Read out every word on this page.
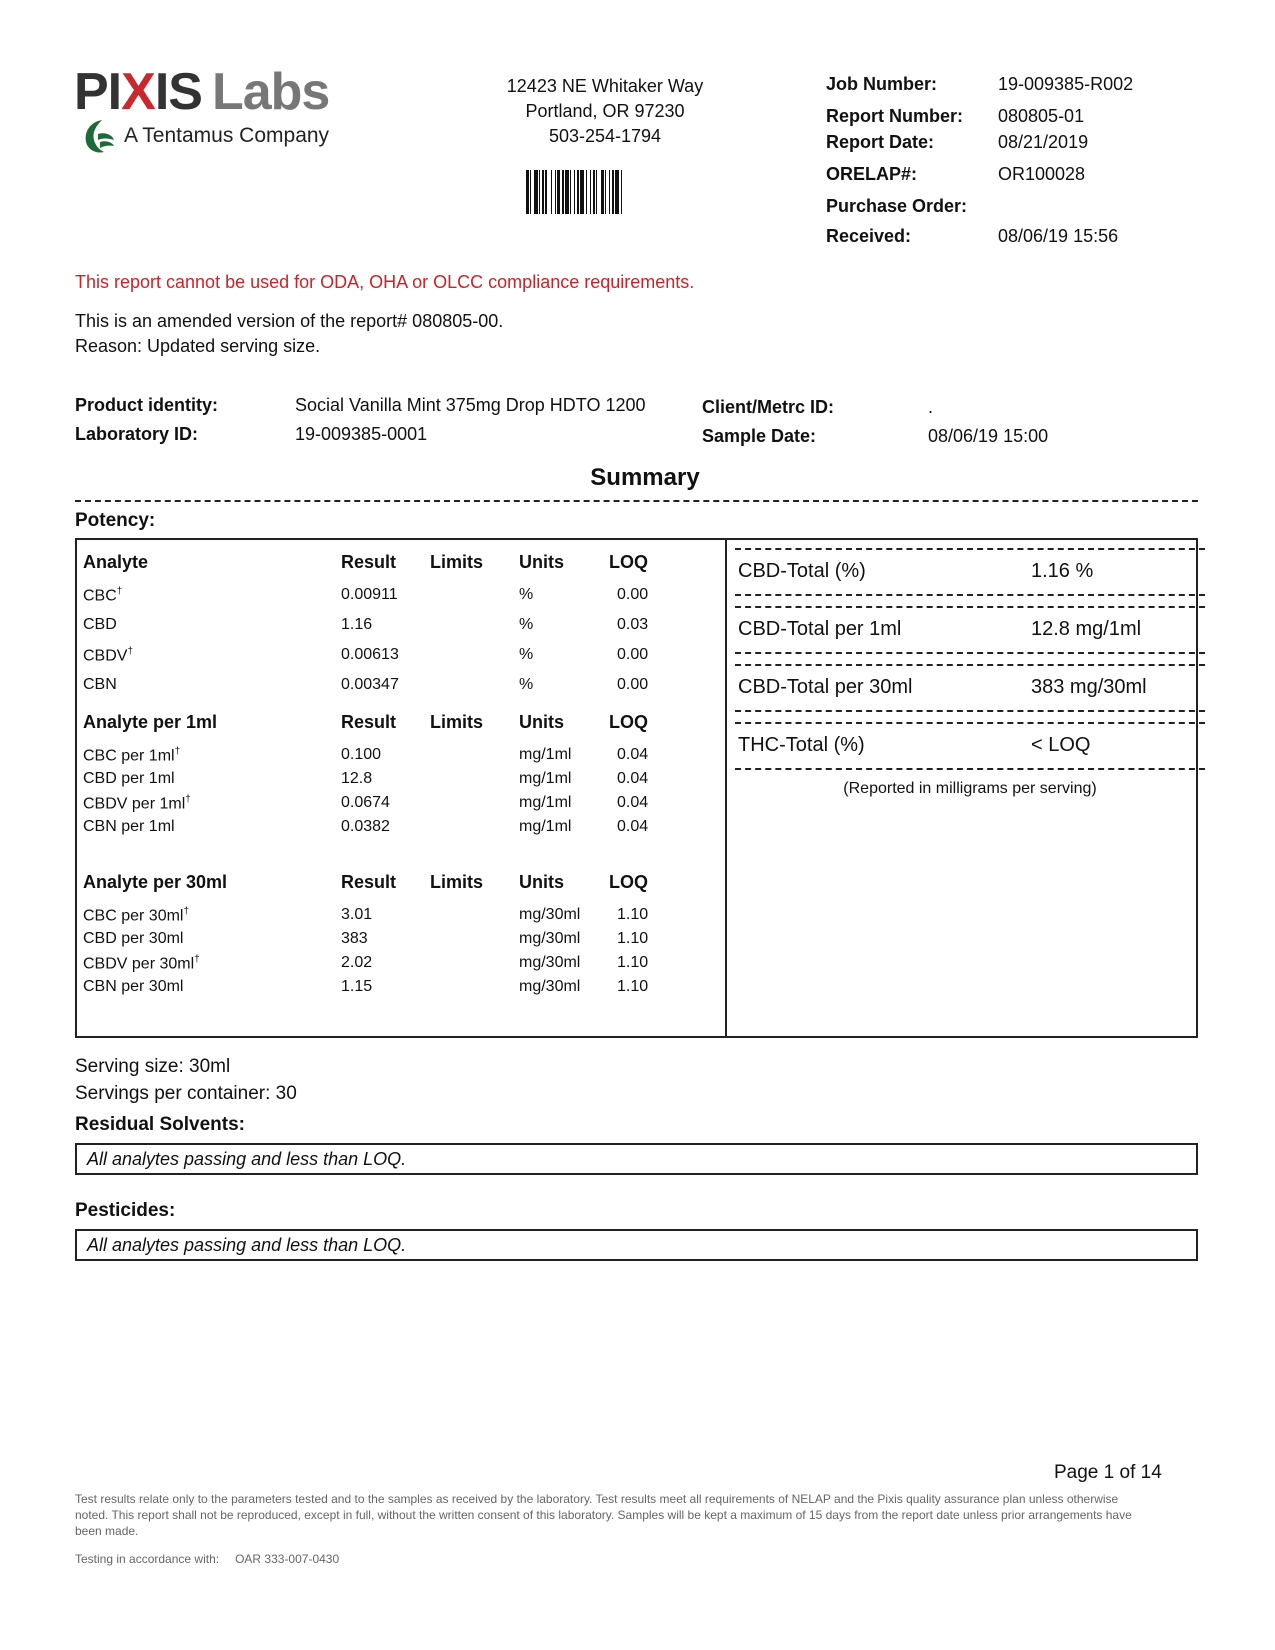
PIXIS Labs
A Tentamus Company
12423 NE Whitaker Way
Portland, OR 97230
503-254-1794
Job Number:	19-009385-R002
Report Number: 080805-01
Report Date:	08/21/2019
ORELAP#:	OR100028
Purchase Order:
Received:	08/06/19 15:56
This report cannot be used for ODA, OHA or OLCC compliance requirements.
This is an amended version of the report# 080805-00.
Reason: Updated serving size.
Product identity:	Social Vanilla Mint 375mg Drop HDTO 1200	Client/Metrc ID:	.
Laboratory ID:	19-009385-0001	Sample Date:	08/06/19 15:00
Summary
Potency:
Analyte	Result Limits Units	LOQ
CBC†	0.00911	%	0.00
CBD	1.16	%	0.03
CBDV†	0.00613	%	0.00
CBN	0.00347	%	0.00
Analyte per 1ml	Result Limits Units	LOQ
CBC per 1ml†	0.100	mg/1ml	0.04
CBD per 1ml	12.8	mg/1ml	0.04
CBDV per 1ml†	0.0674	mg/1ml	0.04
CBN per 1ml	0.0382	mg/1ml	0.04
Analyte per 30ml	Result Limits Units	LOQ
CBC per 30ml†	3.01	mg/30ml 1.10
CBD per 30ml	383	mg/30ml 1.10
CBDV per 30ml†	2.02	mg/30ml 1.10
CBN per 30ml	1.15	mg/30ml 1.10
CBD-Total (%)	1.16 %
CBD-Total per 1ml	12.8 mg/1ml
CBD-Total per 30ml	383 mg/30ml
THC-Total (%)	< LOQ
(Reported in milligrams per serving)
Serving size: 30ml
Servings per container: 30
Residual Solvents:
All analytes passing and less than LOQ.
Pesticides:
All analytes passing and less than LOQ.
Page 1 of 14
Test results relate only to the parameters tested and to the samples as received by the laboratory. Test results meet all requirements of NELAP and the Pixis quality assurance plan unless otherwise noted. This report shall not be reproduced, except in full, without the written consent of this laboratory. Samples will be kept a maximum of 15 days from the report date unless prior arrangements have been made.
Testing in accordance with: OAR 333-007-0430
